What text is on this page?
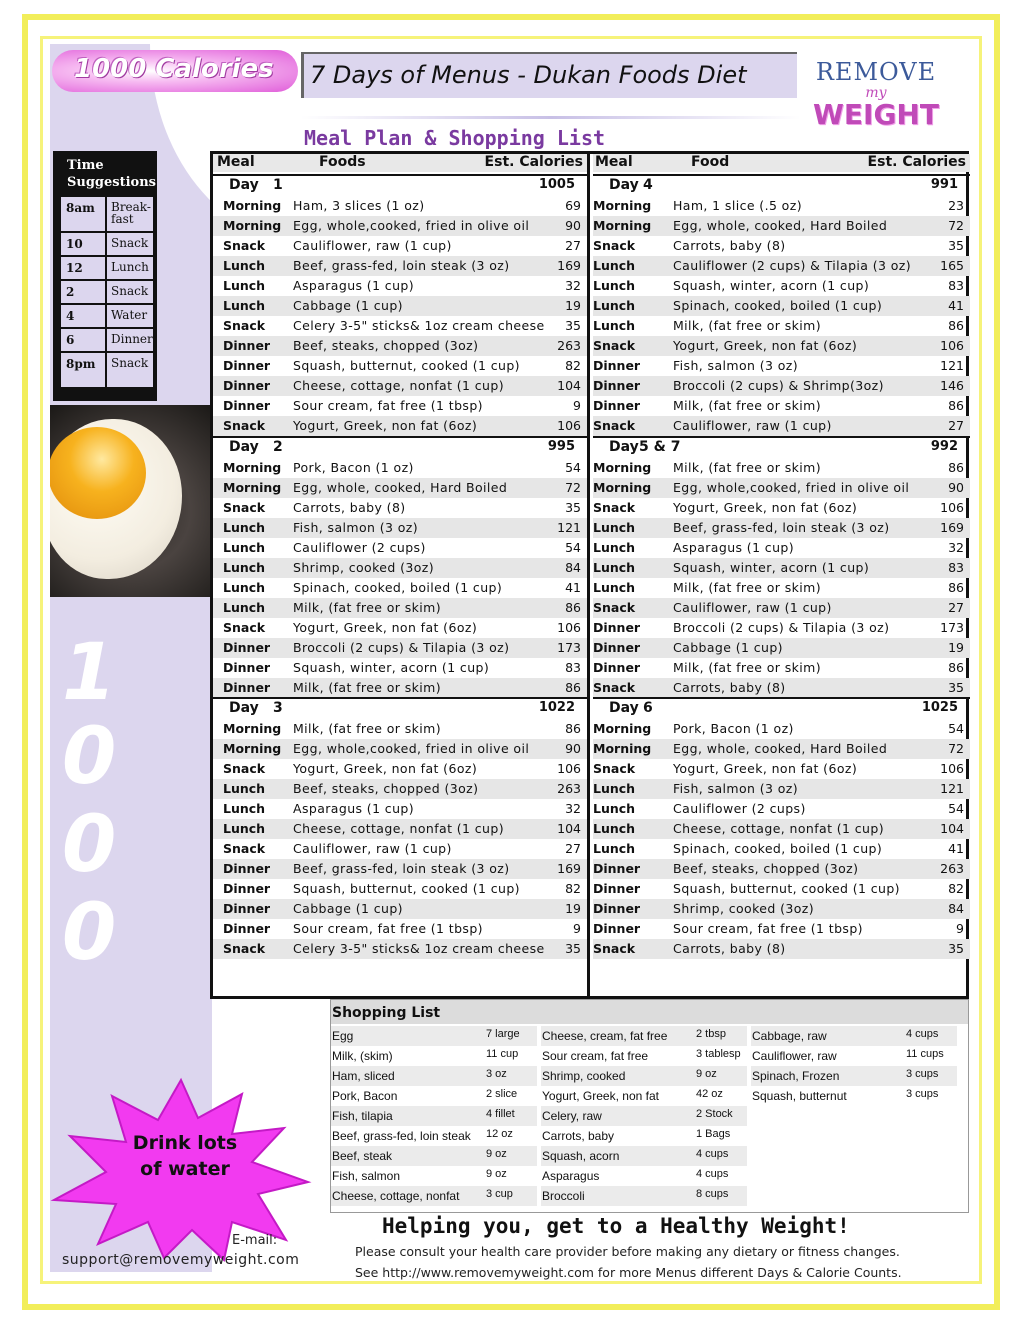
1000 Calories 7 Days of Menus - Dukan Foods Diet	REMOVE
my
WEIGHT
Meal Plan & Shopping List
Time
Suggestions
8am Break-fast
10 Snack
12 Lunch
2	Snack
4	Water
6	Dinner
8pm Snack
1
0
0
0
Meal	Foods	Est. Calories
Day 1	1005
Morning Ham, 3 slices (1 oz)	69
Morning Egg, whole,cooked, fried in olive oil	90
Snack Cauliflower, raw (1 cup)	27
Lunch Beef, grass-fed, loin steak (3 oz)	169
Lunch Asparagus (1 cup)	32
Lunch Cabbage (1 cup)	19
Snack Celery 3-5" sticks& 1oz cream cheese 35
Dinner Beef, steaks, chopped (3oz)	263
Dinner Squash, butternut, cooked (1 cup)	82
Dinner Cheese, cottage, nonfat (1 cup)	104
Dinner Sour cream, fat free (1 tbsp)	9
Snack Yogurt, Greek, non fat (6oz)	106
Day 2	995
Morning Pork, Bacon (1 oz)	54
Morning Egg, whole, cooked, Hard Boiled	72
Snack Carrots, baby (8)	35
Lunch Fish, salmon (3 oz)	121
Lunch Cauliflower (2 cups)	54
Lunch Shrimp, cooked (3oz)	84
Lunch Spinach, cooked, boiled (1 cup)	41
Lunch Milk, (fat free or skim)	86
Snack Yogurt, Greek, non fat (6oz)	106
Dinner Broccoli (2 cups) & Tilapia (3 oz)	173
Dinner Squash, winter, acorn (1 cup)	83
Dinner Milk, (fat free or skim)	86
Day 3	1022
Morning Milk, (fat free or skim)	86
Morning Egg, whole,cooked, fried in olive oil	90
Snack Yogurt, Greek, non fat (6oz)	106
Lunch Beef, steaks, chopped (3oz)	263
Lunch Asparagus (1 cup)	32
Lunch Cheese, cottage, nonfat (1 cup)	104
Snack Cauliflower, raw (1 cup)	27
Dinner Beef, grass-fed, loin steak (3 oz)	169
Dinner Squash, butternut, cooked (1 cup)	82
Dinner Cabbage (1 cup)	19
Dinner Sour cream, fat free (1 tbsp)	9
Snack Celery 3-5" sticks& 1oz cream cheese 35
Meal	Food	Est. Calories
Day 4	991
Morning Ham, 1 slice (.5 oz)	23
Morning Egg, whole, cooked, Hard Boiled	72
Snack	Carrots, baby (8)	35
Lunch	Cauliflower (2 cups) & Tilapia (3 oz) 165
Lunch	Squash, winter, acorn (1 cup)	83
Lunch	Spinach, cooked, boiled (1 cup)	41
Lunch	Milk, (fat free or skim)	86
Snack	Yogurt, Greek, non fat (6oz)	106
Dinner	Fish, salmon (3 oz)	121
Dinner	Broccoli (2 cups) & Shrimp(3oz)	146
Dinner	Milk, (fat free or skim)	86
Snack	Cauliflower, raw (1 cup)	27
Day 5 & 7	992
Morning Milk, (fat free or skim)	86
Morning Egg, whole,cooked, fried in olive oil	90
Snack	Yogurt, Greek, non fat (6oz)	106
Lunch	Beef, grass-fed, loin steak (3 oz)	169
Lunch	Asparagus (1 cup)	32
Lunch	Squash, winter, acorn (1 cup)	83
Lunch	Milk, (fat free or skim)	86
Snack	Cauliflower, raw (1 cup)	27
Dinner	Broccoli (2 cups) & Tilapia (3 oz)	173
Dinner	Cabbage (1 cup)	19
Dinner	Milk, (fat free or skim)	86
Snack	Carrots, baby (8)	35
Day 6	1025
Morning Pork, Bacon (1 oz)	54
Morning Egg, whole, cooked, Hard Boiled	72
Snack	Yogurt, Greek, non fat (6oz)	106
Lunch	Fish, salmon (3 oz)	121
Lunch	Cauliflower (2 cups)	54
Lunch	Cheese, cottage, nonfat (1 cup)	104
Lunch	Spinach, cooked, boiled (1 cup)	41
Dinner	Beef, steaks, chopped (3oz)	263
Dinner	Squash, butternut, cooked (1 cup)	82
Dinner	Shrimp, cooked (3oz)	84
Dinner	Sour cream, fat free (1 tbsp)	9
Snack	Carrots, baby (8)	35
Shopping List
Egg	7 large
Milk, (skim)	11 cup
Ham, sliced	3 oz
Pork, Bacon	2 slice
Fish, tilapia	4 fillet
Beef, grass-fed, loin steak 12 oz
Beef, steak	9 oz
Fish, salmon	9 oz
Cheese, cottage, nonfat 3 cup
Cheese, cream, fat free	2 tbsp
Sour cream, fat free	3 tablesp
Shrimp, cooked	9 oz
Yogurt, Greek, non fat	42 oz
Celery, raw	2 Stock
Carrots, baby	1 Bags
Squash, acorn	4 cups
Asparagus	4 cups
Broccoli	8 cups
Cabbage, raw	4 cups
Cauliflower, raw	11 cups
Spinach, Frozen	3 cups
Squash, butternut	3 cups
Drink lots
of water
E-mail:
support@removemyweight.com
Helping you, get to a Healthy Weight!
Please consult your health care provider before making any dietary or fitness changes.
See http://www.removemyweight.com for more Menus different Days & Calorie Counts.
